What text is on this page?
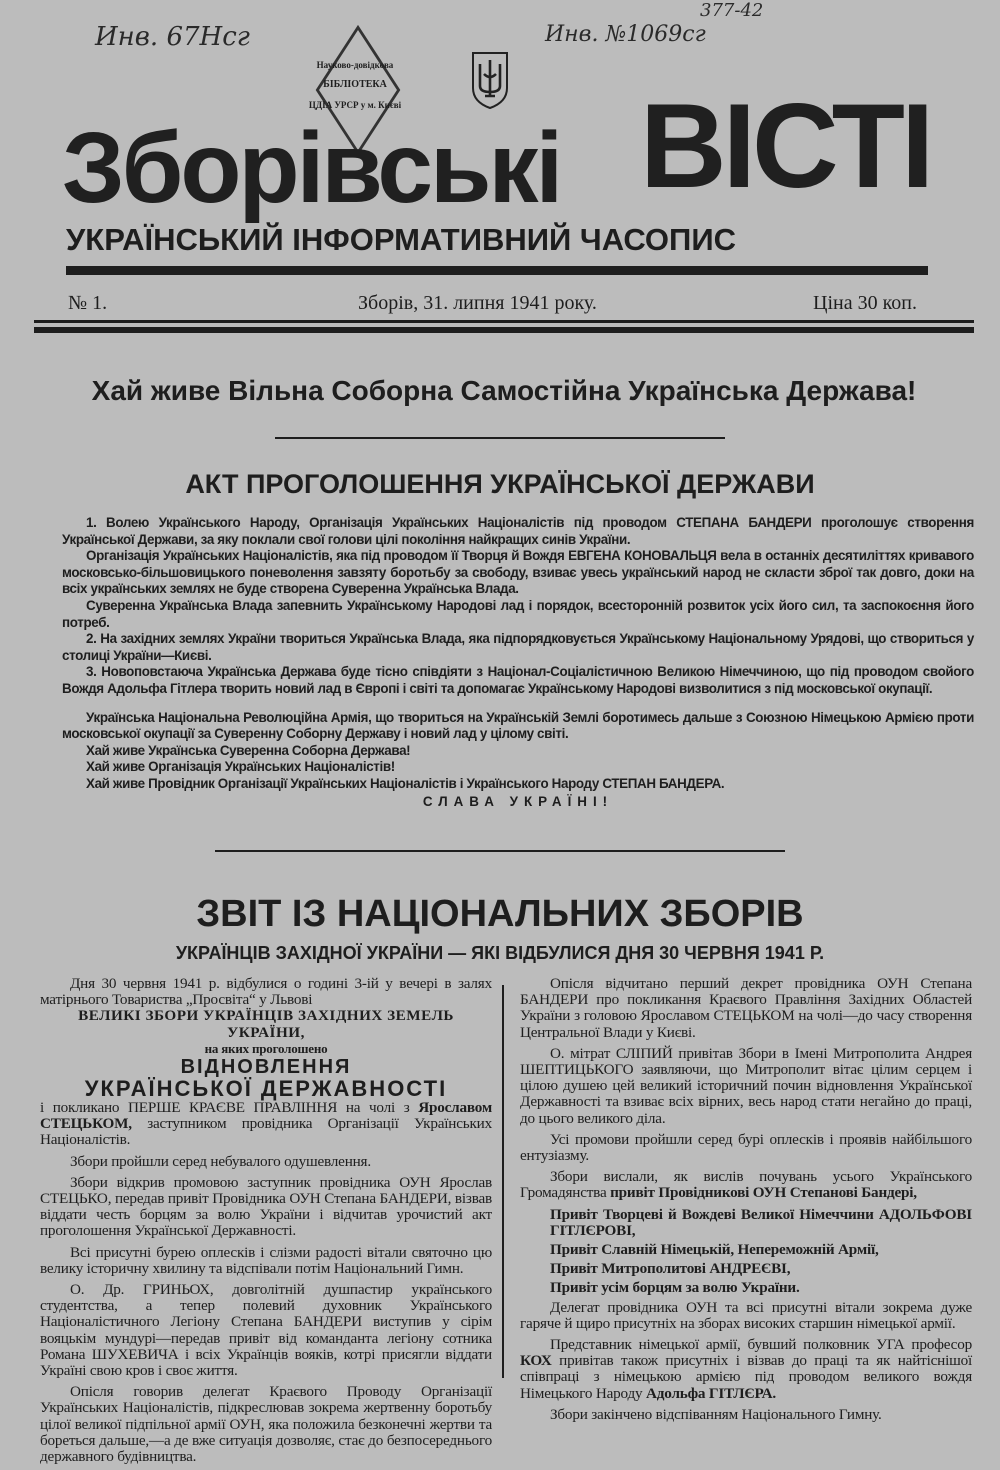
Инв. 67Нсг	Инв. №1069сг
377-42
Науково-довідкова
БІБЛІОТЕКА
ЦДІА УРСР у м. Києві
Зборівські ВІСТІ
УКРАЇНСЬКИЙ ІНФОРМАТИВНИЙ ЧАСОПИС
№ 1.	Зборів, 31. липня 1941 року.	Ціна 30 коп.
Хай живе Вільна Соборна Самостійна Українська Держава!
АКТ ПРОГОЛОШЕННЯ УКРАЇНСЬКОЇ ДЕРЖАВИ

1. Волею Українського Народу, Організація Українських Націоналістів під проводом СТЕПАНА БАНДЕРИ проголошує створення Української Держави, за яку поклали свої голови цілі покоління найкращих синів України.

Організація Українських Націоналістів, яка під проводом її Творця й Вождя ЕВГЕНА КОНОВАЛЬЦЯ вела в останніх десятиліттях кривавого московсько-більшовицького поневолення завзяту боротьбу за свободу, взиває увесь український народ не скласти зброї так довго, доки на всіх українських землях не буде створена Суверенна Українська Влада.

Суверенна Українська Влада запевнить Українському Народові лад і порядок, всесторонній розвиток усіх його сил, та заспокоєння його потреб.

2. На західних землях України твориться Українська Влада, яка підпорядковується Українському Національному Урядові, що створиться у столиці України—Києві.

3. Новоповстаюча Українська Держава буде тісно співдіяти з Націонал-Соціалістичною Великою Німеччиною, що під проводом свойого Вождя Адольфа Гітлера творить новий лад в Європі і світі та допомагає Українському Народові визволитися з під московської окупації.

Українська Національна Революційна Армія, що твориться на Українській Землі боротимесь дальше з Союзною Німецькою Армією проти московської окупації за Суверенну Соборну Державу і новий лад у цілому світі.

Хай живе Українська Суверенна Соборна Держава!

Хай живе Організація Українських Націоналістів!

Хай живе Провідник Організації Українських Націоналістів і Українського Народу СТЕПАН БАНДЕРА.

СЛАВА УКРАЇНІ!

ЗВІТ ІЗ НАЦІОНАЛЬНИХ ЗБОРІВ
УКРАЇНЦІВ ЗАХІДНОЇ УКРАЇНИ — ЯКІ ВІДБУЛИСЯ ДНЯ 30 ЧЕРВНЯ 1941 Р.

Дня 30 червня 1941 р. відбулися о годині 3-ій у вечері в залях матірнього Товариства „Просвіта“ у Львові

ВЕЛИКІ ЗБОРИ УКРАЇНЦІВ ЗАХІДНИХ ЗЕМЕЛЬ УКРАЇНИ,

на яких проголошено

ВІДНОВЛЕННЯ

УКРАЇНСЬКОЇ ДЕРЖАВНОСТІ

і покликано ПЕРШЕ КРАЄВЕ ПРАВЛІННЯ на чолі з Ярославом СТЕЦЬКОМ, заступником провідника Організації Українських Націоналістів.

Збори пройшли серед небувалого одушевлення.

Збори відкрив промовою заступник провідника ОУН Ярослав СТЕЦЬКО, передав привіт Провідника ОУН Степана БАНДЕРИ, візвав віддати честь борцям за волю України і відчитав урочистий акт проголошення Української Державності.

Всі присутні бурею оплесків і слізми радості вітали святочно цю велику історичну хвилину та відспівали потім Національний Гимн.

О. Др. ГРИНЬОХ, довголітній душпастир українського студентства, а тепер полевий духовник Українського Націоналістичного Легіону Степана БАНДЕРИ виступив у сірім вояцькім мундурі—передав привіт від команданта легіону сотника Романа ШУХЕВИЧА і всіх Українців вояків, котрі присягли віддати Україні свою кров і своє життя.

Опісля говорив делегат Краєвого Проводу Організації Українських Націоналістів, підкреслював зокрема жертвенну боротьбу цілої великої підпільної армії ОУН, яка положила безконечні жертви та бореться дальше,—а де вже ситуація дозволяє, стає до безпосереднього державного будівництва.

Опісля відчитано перший декрет провідника ОУН Степана БАНДЕРИ про покликання Краєвого Правління Західних Областей України з головою Ярославом СТЕЦЬКОМ на чолі—до часу створення Центральної Влади у Києві.

О. мітрат СЛІПИЙ привітав Збори в Імені Митрополита Андрея ШЕПТИЦЬКОГО заявляючи, що Митрополит вітає цілим серцем і цілою душею цей великий історичний почин відновлення Української Державності та взиває всіх вірних, весь народ стати негайно до праці, до цього великого діла.

Усі промови пройшли серед бурі оплесків і проявів найбільшого ентузіазму.

Збори вислали, як вислів почувань усього Українського Громадянства привіт Провідникові ОУН Степанові Бандері,

Привіт Творцеві й Вождеві Великої Німеччини АДОЛЬФОВІ ГІТЛЄРОВІ,

Привіт Славній Німецькій, Непереможній Армії,

Привіт Митрополитові АНДРЕЄВІ,

Привіт усім борцям за волю України.

Делегат провідника ОУН та всі присутні вітали зокрема дуже гаряче й щиро присутніх на зборах високих старшин німецької армії.

Представник німецької армії, бувший полковник УГА професор КОХ привітав також присутніх і візвав до праці та як найтіснішої співпраці з німецькою армією під проводом великого вождя Німецького Народу Адольфа ГІТЛЄРА.

Збори закінчено відспіванням Національного Гимну.
